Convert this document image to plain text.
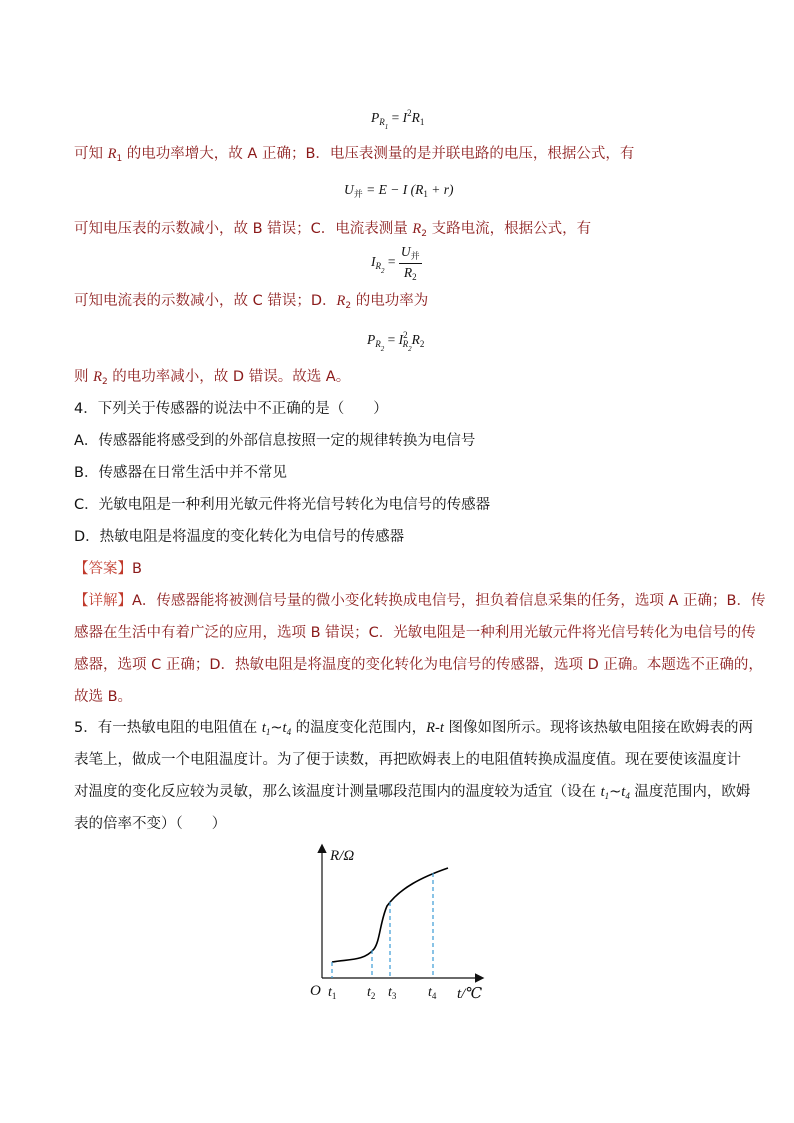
$P_{R_1} = I^2R_1$
可知 $R_1$ 的电功率增大，故 A 正确；B．电压表测量的是并联电路的电压，根据公式，有
$U_并 = E - I$ $(R_1 + r)$
可知电压表的示数减小，故 B 错误；C．电流表测量 $R_2$ 支路电流，根据公式，有
$I_{R_2} = \frac{U_并}{R_2}$
可知电流表的示数减小，故 C 错误；D．$R_2$ 的电功率为
$P_{R_2} = I^2_{R_2}R_2$
则 $R_2$ 的电功率减小，故 D 错误。故选 A。
4．下列关于传感器的说法中不正确的是（　　）
A．传感器能将感受到的外部信息按照一定的规律转换为电信号
B．传感器在日常生活中并不常见
C．光敏电阻是一种利用光敏元件将光信号转化为电信号的传感器
D．热敏电阻是将温度的变化转化为电信号的传感器
【答案】B
【详解】A．传感器能将被测信号量的微小变化转换成电信号，担负着信息采集的任务，选项 A 正确；B．传
感器在生活中有着广泛的应用，选项 B 错误；C．光敏电阻是一种利用光敏元件将光信号转化为电信号的传
感器，选项 C 正确；D．热敏电阻是将温度的变化转化为电信号的传感器，选项 D 正确。本题选不正确的，
故选 B。
5．有一热敏电阻的电阻值在 $t_1\sim t_4$ 的温度变化范围内，R-t 图像如图所示。现将该热敏电阻接在欧姆表的两
表笔上，做成一个电阻温度计。为了便于读数，再把欧姆表上的电阻值转换成温度值。现在要使该温度计
对温度的变化反应较为灵敏，那么该温度计测量哪段范围内的温度较为适宜（设在 $t_1\sim t_4$ 温度范围内，欧姆
表的倍率不变）（　　）
R/Ω
O	t/℃
$t_1$ $t_2$ $t_3$ $t_4$
